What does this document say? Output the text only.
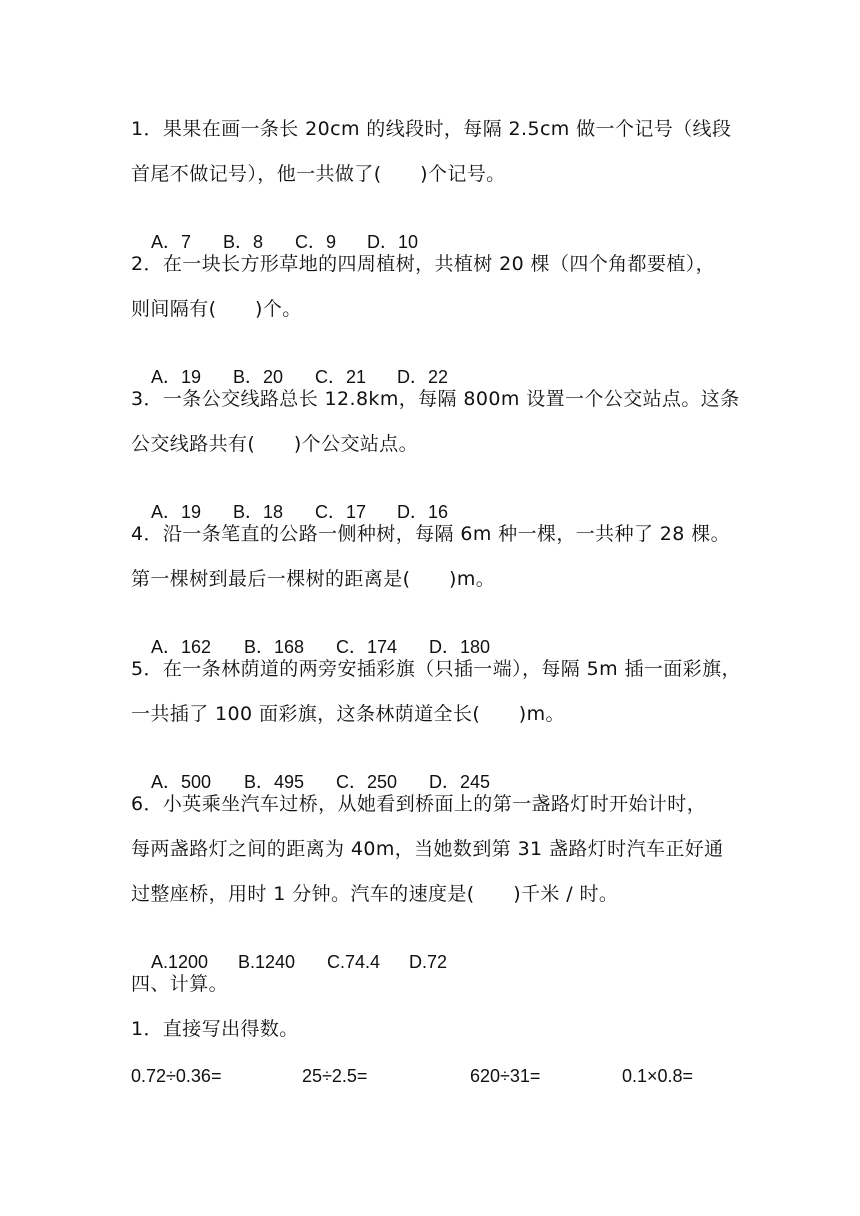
1．果果在画一条长 20cm 的线段时，每隔 2.5cm 做一个记号（线段
首尾不做记号），他一共做了(      )个记号。

A．7 B．8 C．9 D．10

2．在一块长方形草地的四周植树，共植树 20 棵（四个角都要植），
则间隔有(      )个。

A．19 B．20 C．21 D．22

3．一条公交线路总长 12.8km，每隔 800m 设置一个公交站点。这条
公交线路共有(      )个公交站点。

A．19 B．18 C．17 D．16

4．沿一条笔直的公路一侧种树，每隔 6m 种一棵，一共种了 28 棵。
第一棵树到最后一棵树的距离是(      )m。

A．162 B．168 C．174 D．180

5．在一条林荫道的两旁安插彩旗（只插一端），每隔 5m 插一面彩旗，
一共插了 100 面彩旗，这条林荫道全长(      )m。

A．500 B．495 C．250 D．245

6．小英乘坐汽车过桥，从她看到桥面上的第一盏路灯时开始计时，
每两盏路灯之间的距离为 40m，当她数到第 31 盏路灯时汽车正好通
过整座桥，用时 1 分钟。汽车的速度是(      )千米 / 时。

A.1200 B.1240 C.74.4 D.72

四、计算。
1．直接写出得数。
0.72÷0.36=	25÷2.5=	620÷31=	0.1×0.8=
